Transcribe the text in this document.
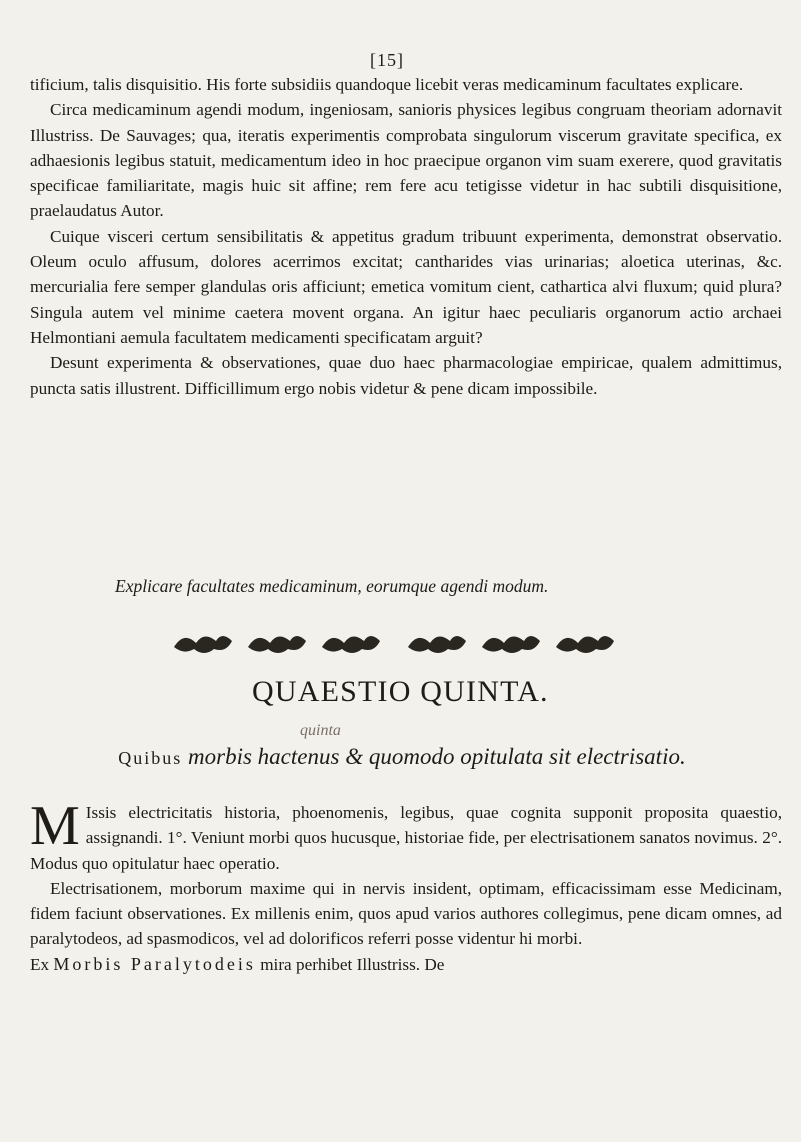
[15]

tificium, talis disquisitio. His forte subsidiis quandoque licebit veras medicaminum facultates explicare.

Circa medicaminum agendi modum, ingeniosam, sanioris physices legibus congruam theoriam adornavit Illustriss. De Sauvages; qua, iteratis experimentis comprobata singulorum viscerum gravitate specifica, ex adhaesionis legibus statuit, medicamentum ideo in hoc praecipue organon vim suam exerere, quod gravitatis specificae familiaritate, magis huic sit affine; rem fere acu tetigisse videtur in hac subtili disquisitione, praelaudatus Autor.

Cuique visceri certum sensibilitatis & appetitus gradum tribuunt experimenta, demonstrat observatio. Oleum oculo affusum, dolores acerrimos excitat; cantharides vias urinarias; aloetica uterinas, &c. mercurialia fere semper glandulas oris afficiunt; emetica vomitum cient, cathartica alvi fluxum; quid plura? Singula autem vel minime caetera movent organa. An igitur haec peculiaris organorum actio archaei Helmontiani aemula facultatem medicamenti specificatam arguit?

Desunt experimenta & observationes, quae duo haec pharmacologiae empiricae, qualem admittimus, puncta satis illustrent. Difficillimum ergo nobis videtur & pene dicam impossibile.

Explicare facultates medicaminum, eorumque agendi modum.
QUAESTIO QUINTA.
quinta
Quibus morbis hactenus & quomodo opitulata sit electrisatio.

M Issis electricitatis historia, phoenomenis, legibus, quae cognita supponit proposita quaestio, assignandi. 1°. Veniunt morbi quos hucusque, historiae fide, per electrisationem sanatos novimus. 2°. Modus quo opitulatur haec operatio.

Electrisationem, morborum maxime qui in nervis insident, optimam, efficacissimam esse Medicinam, fidem faciunt observationes. Ex millenis enim, quos apud varios authores collegimus, pene dicam omnes, ad paralytodeos, ad spasmodicos, vel ad dolorificos referri posse videntur hi morbi.

Ex Morbis Paralytodeis mira perhibet Illustriss. De
